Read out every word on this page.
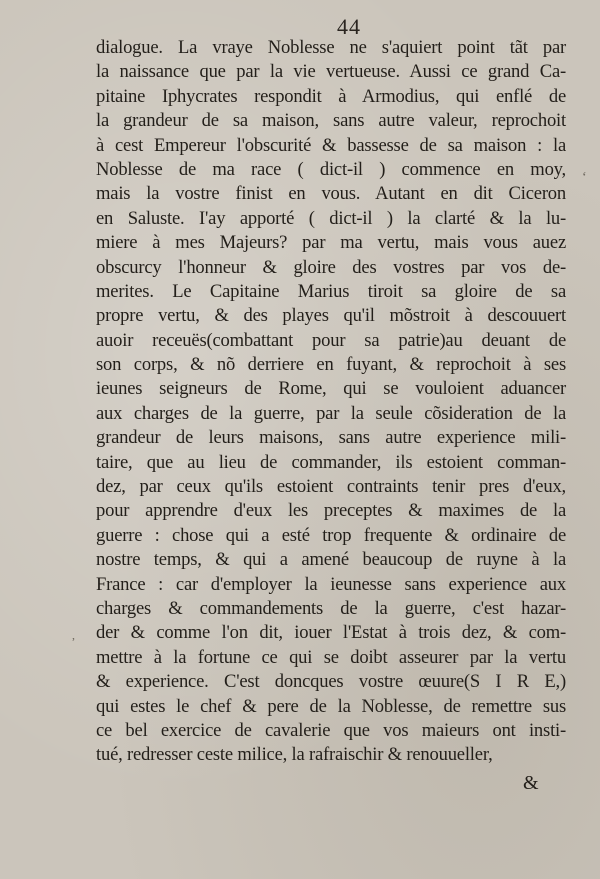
44
dialogue. La vraye Noblesse ne s'aquiert point tãt par
la naissance que par la vie vertueuse. Aussi ce grand Ca-
pitaine Iphycrates respondit à Armodius, qui enflé de
la grandeur de sa maison, sans autre valeur, reprochoit
à cest Empereur l'obscurité & bassesse de sa maison : la
Noblesse de ma race ( dict-il ) commence en moy,
mais la vostre finist en vous. Autant en dit Ciceron
en Saluste. I'ay apporté ( dict-il ) la clarté & la lu-
miere à mes Majeurs? par ma vertu, mais vous auez
obscurcy l'honneur & gloire des vostres par vos de-
merites. Le Capitaine Marius tiroit sa gloire de sa
propre vertu, & des playes qu'il mõstroit à descouuert
auoir receuës(combattant pour sa patrie)au deuant de
son corps, & nõ derriere en fuyant, & reprochoit à ses
ieunes seigneurs de Rome, qui se vouloient aduancer
aux charges de la guerre, par la seule cõsideration de la
grandeur de leurs maisons, sans autre experience mili-
taire, que au lieu de commander, ils estoient comman-
dez, par ceux qu'ils estoient contraints tenir pres d'eux,
pour apprendre d'eux les preceptes & maximes de la
guerre : chose qui a esté trop frequente & ordinaire de
nostre temps, & qui a amené beaucoup de ruyne à la
France : car d'employer la ieunesse sans experience aux
charges & commandements de la guerre, c'est hazar-
der & comme l'on dit, iouer l'Estat à trois dez, & com-
mettre à la fortune ce qui se doibt asseurer par la vertu
& experience. C'est doncques vostre œuure(S I R E,)
qui estes le chef & pere de la Noblesse, de remettre sus
ce bel exercice de cavalerie que vos maieurs ont insti-
tué, redresser ceste milice, la rafraischir & renouueller,
&
‘
,
